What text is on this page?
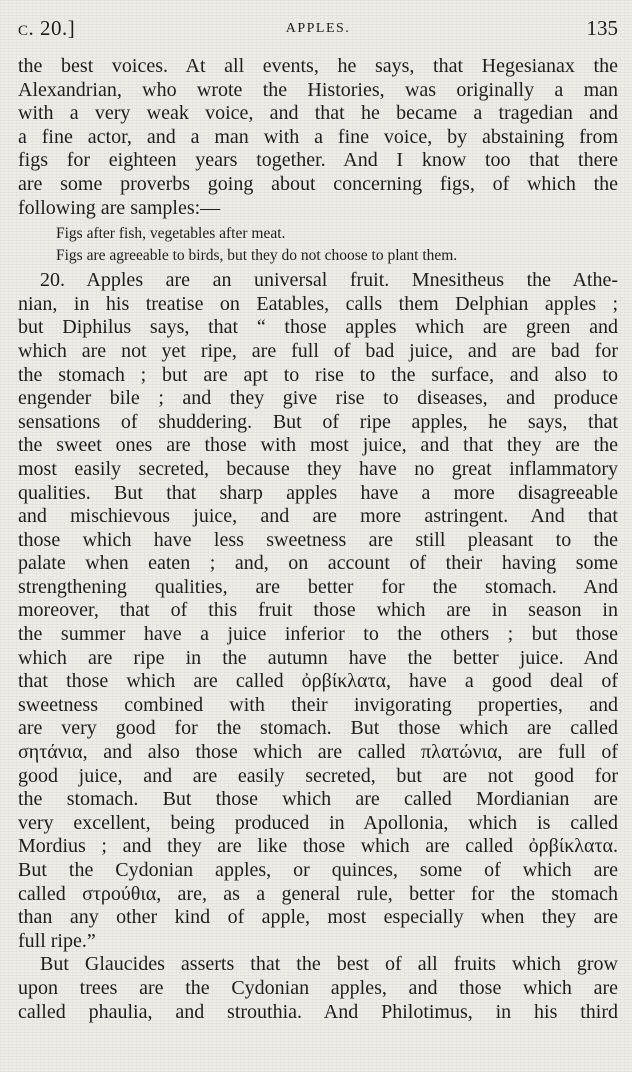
c. 20.]	APPLES.	135
the best voices. At all events, he says, that Hegesianax the
Alexandrian, who wrote the Histories, was originally a man
with a very weak voice, and that he became a tragedian and
a fine actor, and a man with a fine voice, by abstaining from
figs for eighteen years together. And I know too that there
are some proverbs going about concerning figs, of which the
following are samples:—
Figs after fish, vegetables after meat.
Figs are agreeable to birds, but they do not choose to plant them.
20. Apples are an universal fruit. Mnesitheus the Athe-
nian, in his treatise on Eatables, calls them Delphian apples ;
but Diphilus says, that “ those apples which are green and
which are not yet ripe, are full of bad juice, and are bad for
the stomach ; but are apt to rise to the surface, and also to
engender bile ; and they give rise to diseases, and produce
sensations of shuddering. But of ripe apples, he says, that
the sweet ones are those with most juice, and that they are the
most easily secreted, because they have no great inflammatory
qualities. But that sharp apples have a more disagreeable
and mischievous juice, and are more astringent. And that
those which have less sweetness are still pleasant to the
palate when eaten ; and, on account of their having some
strengthening qualities, are better for the stomach. And
moreover, that of this fruit those which are in season in
the summer have a juice inferior to the others ; but those
which are ripe in the autumn have the better juice. And
that those which are called ὀρβίκλατα, have a good deal of
sweetness combined with their invigorating properties, and
are very good for the stomach. But those which are called
σητάνια, and also those which are called πλατώνια, are full of
good juice, and are easily secreted, but are not good for
the stomach. But those which are called Mordianian are
very excellent, being produced in Apollonia, which is called
Mordius ; and they are like those which are called ὀρβίκλατα.
But the Cydonian apples, or quinces, some of which are
called στρούθια, are, as a general rule, better for the stomach
than any other kind of apple, most especially when they are
full ripe.”
But Glaucides asserts that the best of all fruits which grow
upon trees are the Cydonian apples, and those which are
called phaulia, and strouthia. And Philotimus, in his third
